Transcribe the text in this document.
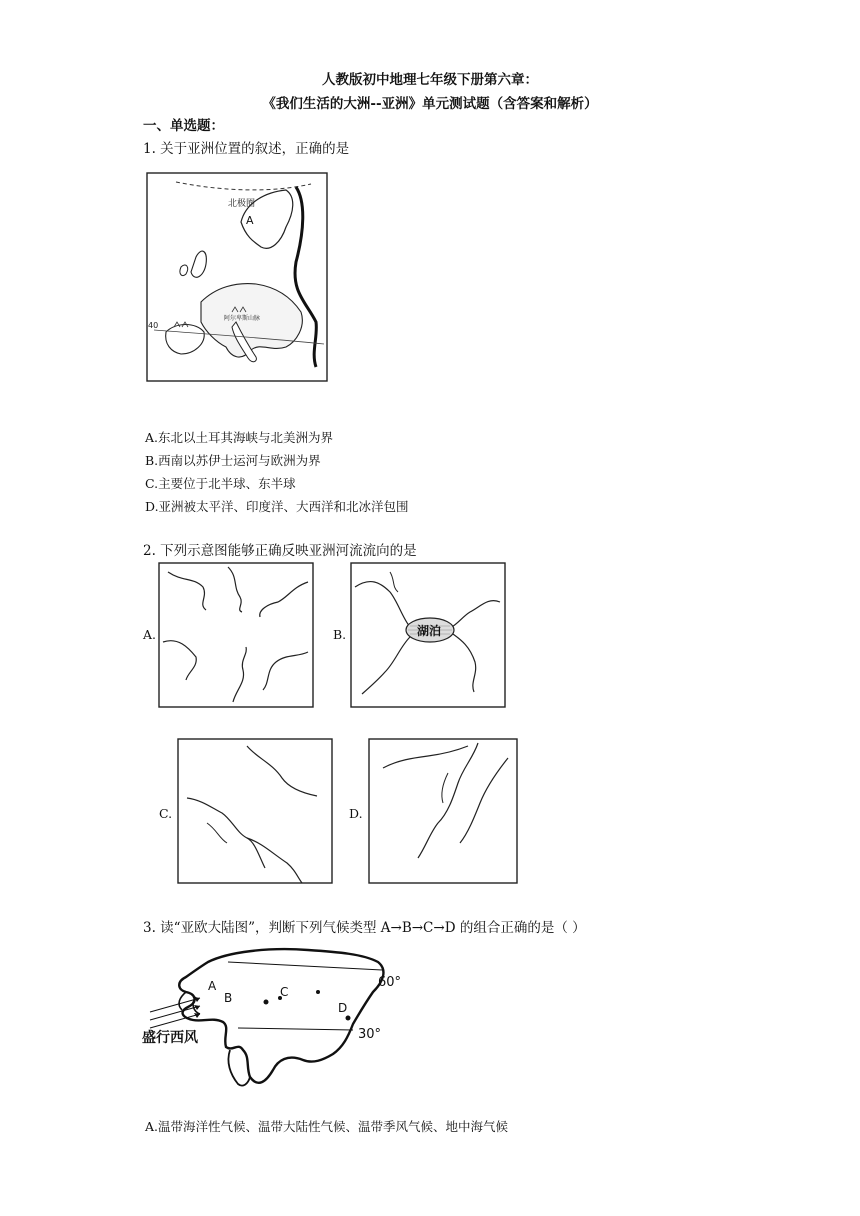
人教版初中地理七年级下册第六章：
《我们生活的大洲--亚洲》单元测试题（含答案和解析）
一、单选题：
1. 关于亚洲位置的叙述，正确的是
北极圈
A
40
阿尔卑斯山脉
A.东北以土耳其海峡与北美洲为界
B.西南以苏伊士运河与欧洲为界
C.主要位于北半球、东半球
D.亚洲被太平洋、印度洋、大西洋和北冰洋包围
2. 下列示意图能够正确反映亚洲河流流向的是
A.	B.	湖泊
C.	D.
3. 读“亚欧大陆图”，判断下列气候类型 A→B→C→D 的组合正确的是（ ）
60°
30°
A
B	C
D
盛行西风
A.温带海洋性气候、温带大陆性气候、温带季风气候、地中海气候
